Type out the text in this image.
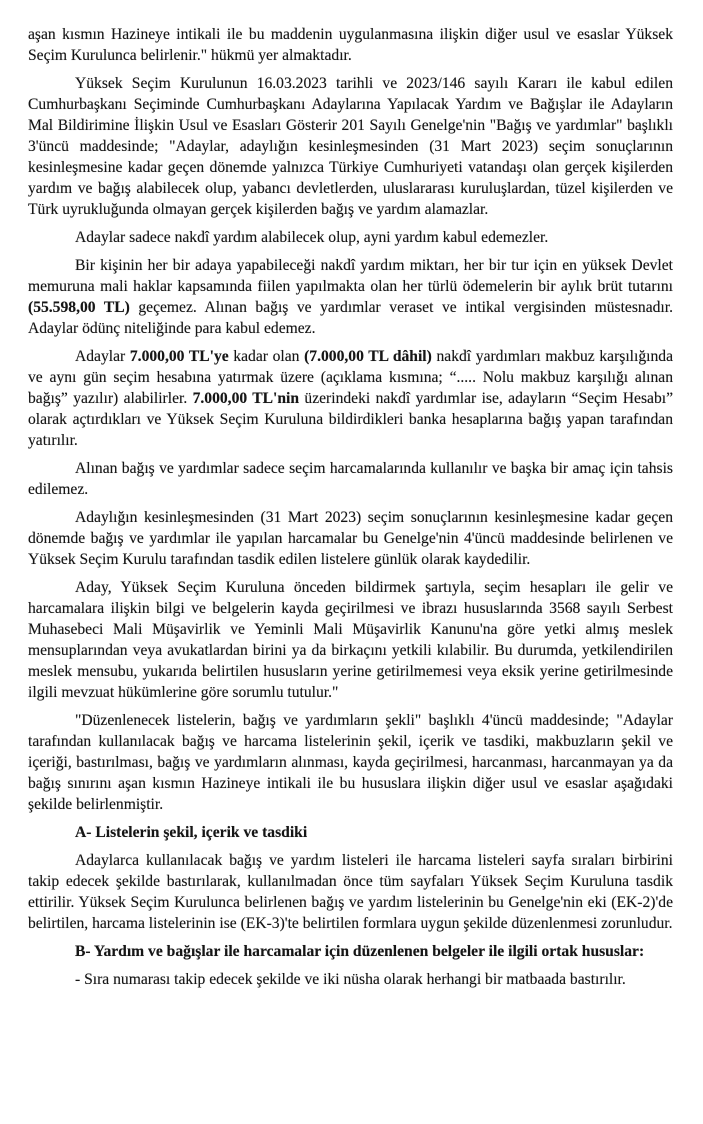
aşan kısmın Hazineye intikali ile bu maddenin uygulanmasına ilişkin diğer usul ve esaslar Yüksek Seçim Kurulunca belirlenir." hükmü yer almaktadır.

Yüksek Seçim Kurulunun 16.03.2023 tarihli ve 2023/146 sayılı Kararı ile kabul edilen Cumhurbaşkanı Seçiminde Cumhurbaşkanı Adaylarına Yapılacak Yardım ve Bağışlar ile Adayların Mal Bildirimine İlişkin Usul ve Esasları Gösterir 201 Sayılı Genelge'nin "Bağış ve yardımlar" başlıklı 3'üncü maddesinde; "Adaylar, adaylığın kesinleşmesinden (31 Mart 2023) seçim sonuçlarının kesinleşmesine kadar geçen dönemde yalnızca Türkiye Cumhuriyeti vatandaşı olan gerçek kişilerden yardım ve bağış alabilecek olup, yabancı devletlerden, uluslararası kuruluşlardan, tüzel kişilerden ve Türk uyrukluğunda olmayan gerçek kişilerden bağış ve yardım alamazlar.

Adaylar sadece nakdî yardım alabilecek olup, ayni yardım kabul edemezler.

Bir kişinin her bir adaya yapabileceği nakdî yardım miktarı, her bir tur için en yüksek Devlet memuruna mali haklar kapsamında fiilen yapılmakta olan her türlü ödemelerin bir aylık brüt tutarını (55.598,00 TL) geçemez. Alınan bağış ve yardımlar veraset ve intikal vergisinden müstesnadır. Adaylar ödünç niteliğinde para kabul edemez.

Adaylar 7.000,00 TL'ye kadar olan (7.000,00 TL dâhil) nakdî yardımları makbuz karşılığında ve aynı gün seçim hesabına yatırmak üzere (açıklama kısmına; “..... Nolu makbuz karşılığı alınan bağış” yazılır) alabilirler. 7.000,00 TL'nin üzerindeki nakdî yardımlar ise, adayların “Seçim Hesabı” olarak açtırdıkları ve Yüksek Seçim Kuruluna bildirdikleri banka hesaplarına bağış yapan tarafından yatırılır.

Alınan bağış ve yardımlar sadece seçim harcamalarında kullanılır ve başka bir amaç için tahsis edilemez.

Adaylığın kesinleşmesinden (31 Mart 2023) seçim sonuçlarının kesinleşmesine kadar geçen dönemde bağış ve yardımlar ile yapılan harcamalar bu Genelge'nin 4'üncü maddesinde belirlenen ve Yüksek Seçim Kurulu tarafından tasdik edilen listelere günlük olarak kaydedilir.

Aday, Yüksek Seçim Kuruluna önceden bildirmek şartıyla, seçim hesapları ile gelir ve harcamalara ilişkin bilgi ve belgelerin kayda geçirilmesi ve ibrazı hususlarında 3568 sayılı Serbest Muhasebeci Mali Müşavirlik ve Yeminli Mali Müşavirlik Kanunu'na göre yetki almış meslek mensuplarından veya avukatlardan birini ya da birkaçını yetkili kılabilir. Bu durumda, yetkilendirilen meslek mensubu, yukarıda belirtilen hususların yerine getirilmemesi veya eksik yerine getirilmesinde ilgili mevzuat hükümlerine göre sorumlu tutulur."

"Düzenlenecek listelerin, bağış ve yardımların şekli" başlıklı 4'üncü maddesinde; "Adaylar tarafından kullanılacak bağış ve harcama listelerinin şekil, içerik ve tasdiki, makbuzların şekil ve içeriği, bastırılması, bağış ve yardımların alınması, kayda geçirilmesi, harcanması, harcanmayan ya da bağış sınırını aşan kısmın Hazineye intikali ile bu hususlara ilişkin diğer usul ve esaslar aşağıdaki şekilde belirlenmiştir.

A- Listelerin şekil, içerik ve tasdiki

Adaylarca kullanılacak bağış ve yardım listeleri ile harcama listeleri sayfa sıraları birbirini takip edecek şekilde bastırılarak, kullanılmadan önce tüm sayfaları Yüksek Seçim Kuruluna tasdik ettirilir. Yüksek Seçim Kurulunca belirlenen bağış ve yardım listelerinin bu Genelge'nin eki (EK-2)'de belirtilen, harcama listelerinin ise (EK-3)'te belirtilen formlara uygun şekilde düzenlenmesi zorunludur.

B- Yardım ve bağışlar ile harcamalar için düzenlenen belgeler ile ilgili ortak hususlar:

- Sıra numarası takip edecek şekilde ve iki nüsha olarak herhangi bir matbaada bastırılır.
